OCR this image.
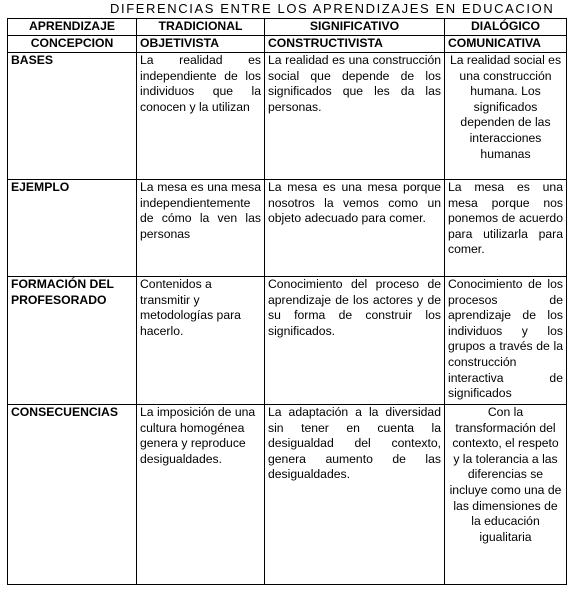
DIFERENCIAS ENTRE LOS APRENDIZAJES EN EDUCACION
APRENDIZAJE	TRADICIONAL	SIGNIFICATIVO	DIALÓGICO
CONCEPCION	OBJETIVISTA	CONSTRUCTIVISTA	COMUNICATIVA
BASES	La realidad es independiente de los individuos que la conocen y la utilizan	La realidad es una construcción social que depende de los significados que les da las personas.	La realidad social es una construcción humana. Los significados dependen de las interacciones humanas
EJEMPLO	La mesa es una mesa independientemente de cómo la ven las personas	La mesa es una mesa porque nosotros la vemos como un objeto adecuado para comer.	La mesa es una mesa porque nos ponemos de acuerdo para utilizarla para comer.
FORMACIÓN DEL PROFESORADO	Contenidos a transmitir y metodologías para hacerlo.	Conocimiento del proceso de aprendizaje de los actores y de su forma de construir los significados.	Conocimiento de los procesos de aprendizaje de los individuos y los grupos a través de la construcción interactiva de significados
CONSECUENCIAS	La imposición de una cultura homogénea genera y reproduce desigualdades.	La adaptación a la diversidad sin tener en cuenta la desigualdad del contexto, genera aumento de las desigualdades.	Con la transformación del contexto, el respeto y la tolerancia a las diferencias se incluye como una de las dimensiones de la educación igualitaria
